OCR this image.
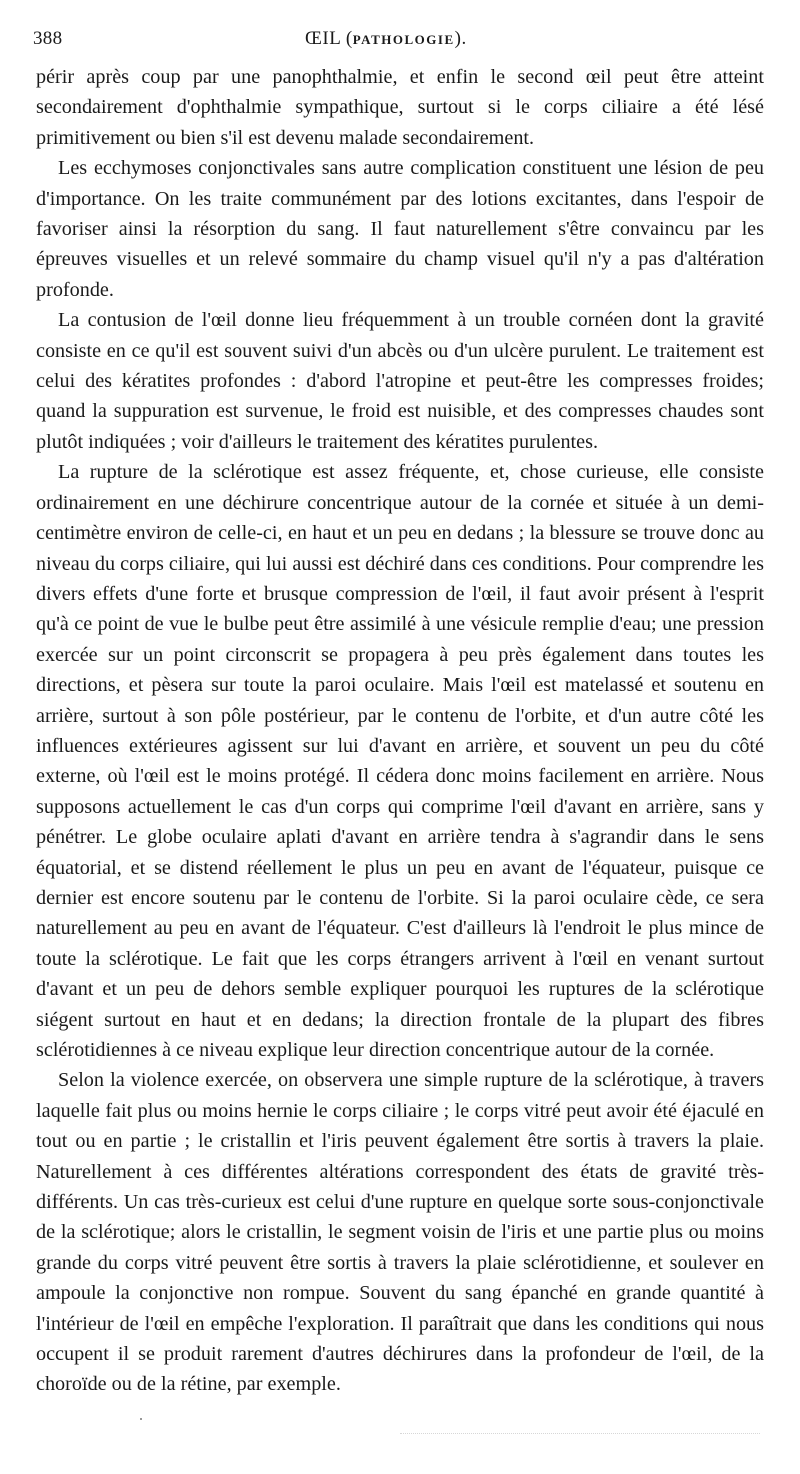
388	ŒIL (PATHOLOGIE).

périr après coup par une panophthalmie, et enfin le second œil peut être atteint secondairement d'ophthalmie sympathique, surtout si le corps ciliaire a été lésé primitivement ou bien s'il est devenu malade secondairement.

Les ecchymoses conjonctivales sans autre complication constituent une lésion de peu d'importance. On les traite communément par des lotions excitantes, dans l'espoir de favoriser ainsi la résorption du sang. Il faut naturellement s'être convaincu par les épreuves visuelles et un relevé sommaire du champ visuel qu'il n'y a pas d'altération profonde.

La contusion de l'œil donne lieu fréquemment à un trouble cornéen dont la gravité consiste en ce qu'il est souvent suivi d'un abcès ou d'un ulcère purulent. Le traitement est celui des kératites profondes : d'abord l'atropine et peut-être les compresses froides; quand la suppuration est survenue, le froid est nuisible, et des compresses chaudes sont plutôt indiquées ; voir d'ailleurs le traitement des kératites purulentes.

La rupture de la sclérotique est assez fréquente, et, chose curieuse, elle consiste ordinairement en une déchirure concentrique autour de la cornée et située à un demi-centimètre environ de celle-ci, en haut et un peu en dedans ; la blessure se trouve donc au niveau du corps ciliaire, qui lui aussi est déchiré dans ces conditions. Pour comprendre les divers effets d'une forte et brusque compression de l'œil, il faut avoir présent à l'esprit qu'à ce point de vue le bulbe peut être assimilé à une vésicule remplie d'eau; une pression exercée sur un point circonscrit se propagera à peu près également dans toutes les directions, et pèsera sur toute la paroi oculaire. Mais l'œil est matelassé et soutenu en arrière, surtout à son pôle postérieur, par le contenu de l'orbite, et d'un autre côté les influences extérieures agissent sur lui d'avant en arrière, et souvent un peu du côté externe, où l'œil est le moins protégé. Il cédera donc moins facilement en arrière. Nous supposons actuellement le cas d'un corps qui comprime l'œil d'avant en arrière, sans y pénétrer. Le globe oculaire aplati d'avant en arrière tendra à s'agrandir dans le sens équatorial, et se distend réellement le plus un peu en avant de l'équateur, puisque ce dernier est encore soutenu par le contenu de l'orbite. Si la paroi oculaire cède, ce sera naturellement au peu en avant de l'équateur. C'est d'ailleurs là l'endroit le plus mince de toute la sclérotique. Le fait que les corps étrangers arrivent à l'œil en venant surtout d'avant et un peu de dehors semble expliquer pourquoi les ruptures de la sclérotique siégent surtout en haut et en dedans; la direction frontale de la plupart des fibres sclérotidiennes à ce niveau explique leur direction concentrique autour de la cornée.

Selon la violence exercée, on observera une simple rupture de la sclérotique, à travers laquelle fait plus ou moins hernie le corps ciliaire ; le corps vitré peut avoir été éjaculé en tout ou en partie ; le cristallin et l'iris peuvent également être sortis à travers la plaie. Naturellement à ces différentes altérations correspondent des états de gravité très-différents. Un cas très-curieux est celui d'une rupture en quelque sorte sous-conjonctivale de la sclérotique; alors le cristallin, le segment voisin de l'iris et une partie plus ou moins grande du corps vitré peuvent être sortis à travers la plaie sclérotidienne, et soulever en ampoule la conjonctive non rompue. Souvent du sang épanché en grande quantité à l'intérieur de l'œil en empêche l'exploration. Il paraîtrait que dans les conditions qui nous occupent il se produit rarement d'autres déchirures dans la profondeur de l'œil, de la choroïde ou de la rétine, par exemple.
